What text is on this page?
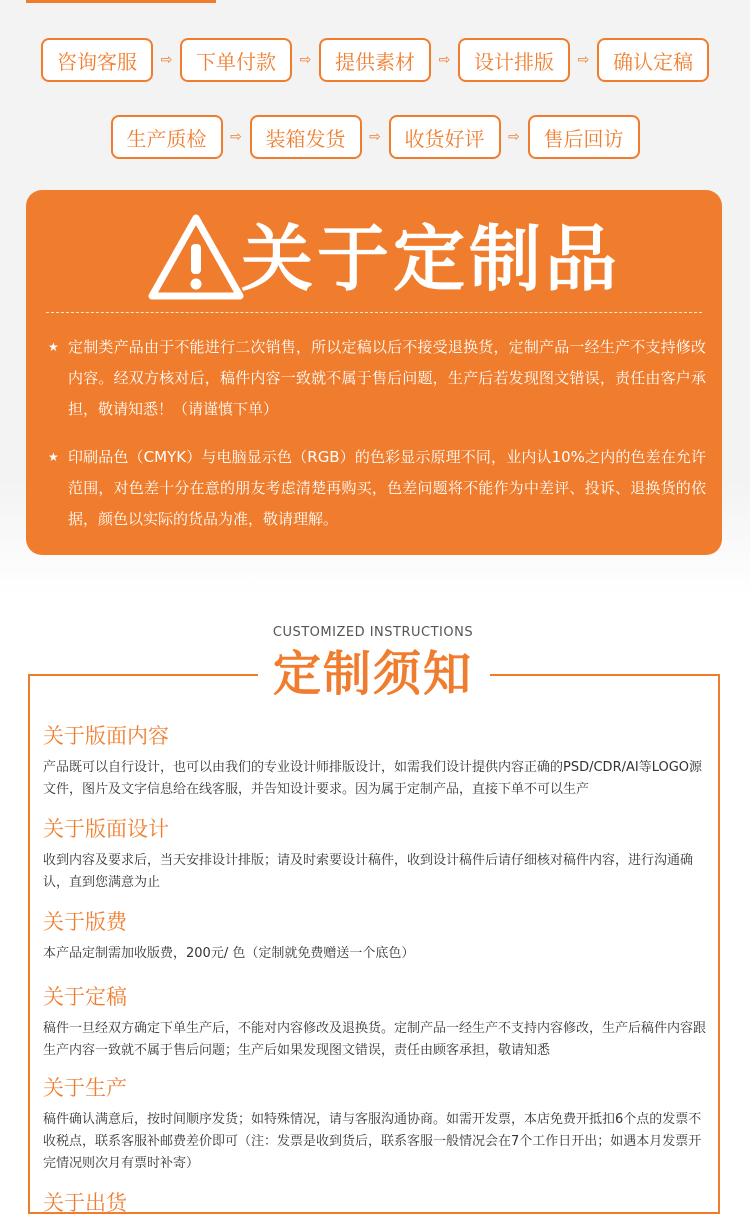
咨询客服	⇨	下单付款	⇨	提供素材	⇨	设计排版	⇨	确认定稿
生产质检	⇨	装箱发货	⇨	收货好评	⇨	售后回访
关于定制品
★ 定制类产品由于不能进行二次销售，所以定稿以后不接受退换货，定制产品一经生产不支持修改内容。经双方核对后，稿件内容一致就不属于售后问题，生产后若发现图文错误，责任由客户承担，敬请知悉！（请谨慎下单）
★ 印刷品色（CMYK）与电脑显示色（RGB）的色彩显示原理不同，业内认10%之内的色差在允许范围，对色差十分在意的朋友考虑清楚再购买，色差问题将不能作为中差评、投诉、退换货的依据，颜色以实际的货品为准，敬请理解。
CUSTOMIZED INSTRUCTIONS
定制须知
关于版面内容

产品既可以自行设计，也可以由我们的专业设计师排版设计，如需我们设计提供内容正确的PSD/CDR/AI等LOGO源文件，图片及文字信息给在线客服，并告知设计要求。因为属于定制产品，直接下单不可以生产

关于版面设计

收到内容及要求后，当天安排设计排版；请及时索要设计稿件，收到设计稿件后请仔细核对稿件内容，进行沟通确认，直到您满意为止

关于版费

本产品定制需加收版费，200元/ 色（定制就免费赠送一个底色）

关于定稿

稿件一旦经双方确定下单生产后，不能对内容修改及退换货。定制产品一经生产不支持内容修改，生产后稿件内容跟生产内容一致就不属于售后问题；生产后如果发现图文错误，责任由顾客承担，敬请知悉

关于生产

稿件确认满意后，按时间顺序发货；如特殊情况，请与客服沟通协商。如需开发票，本店免费开抵扣6个点的发票不收税点，联系客服补邮费差价即可（注：发票是收到货后，联系客服一般情况会在7个工作日开出；如遇本月发票开完情况则次月有票时补寄）

关于出货
